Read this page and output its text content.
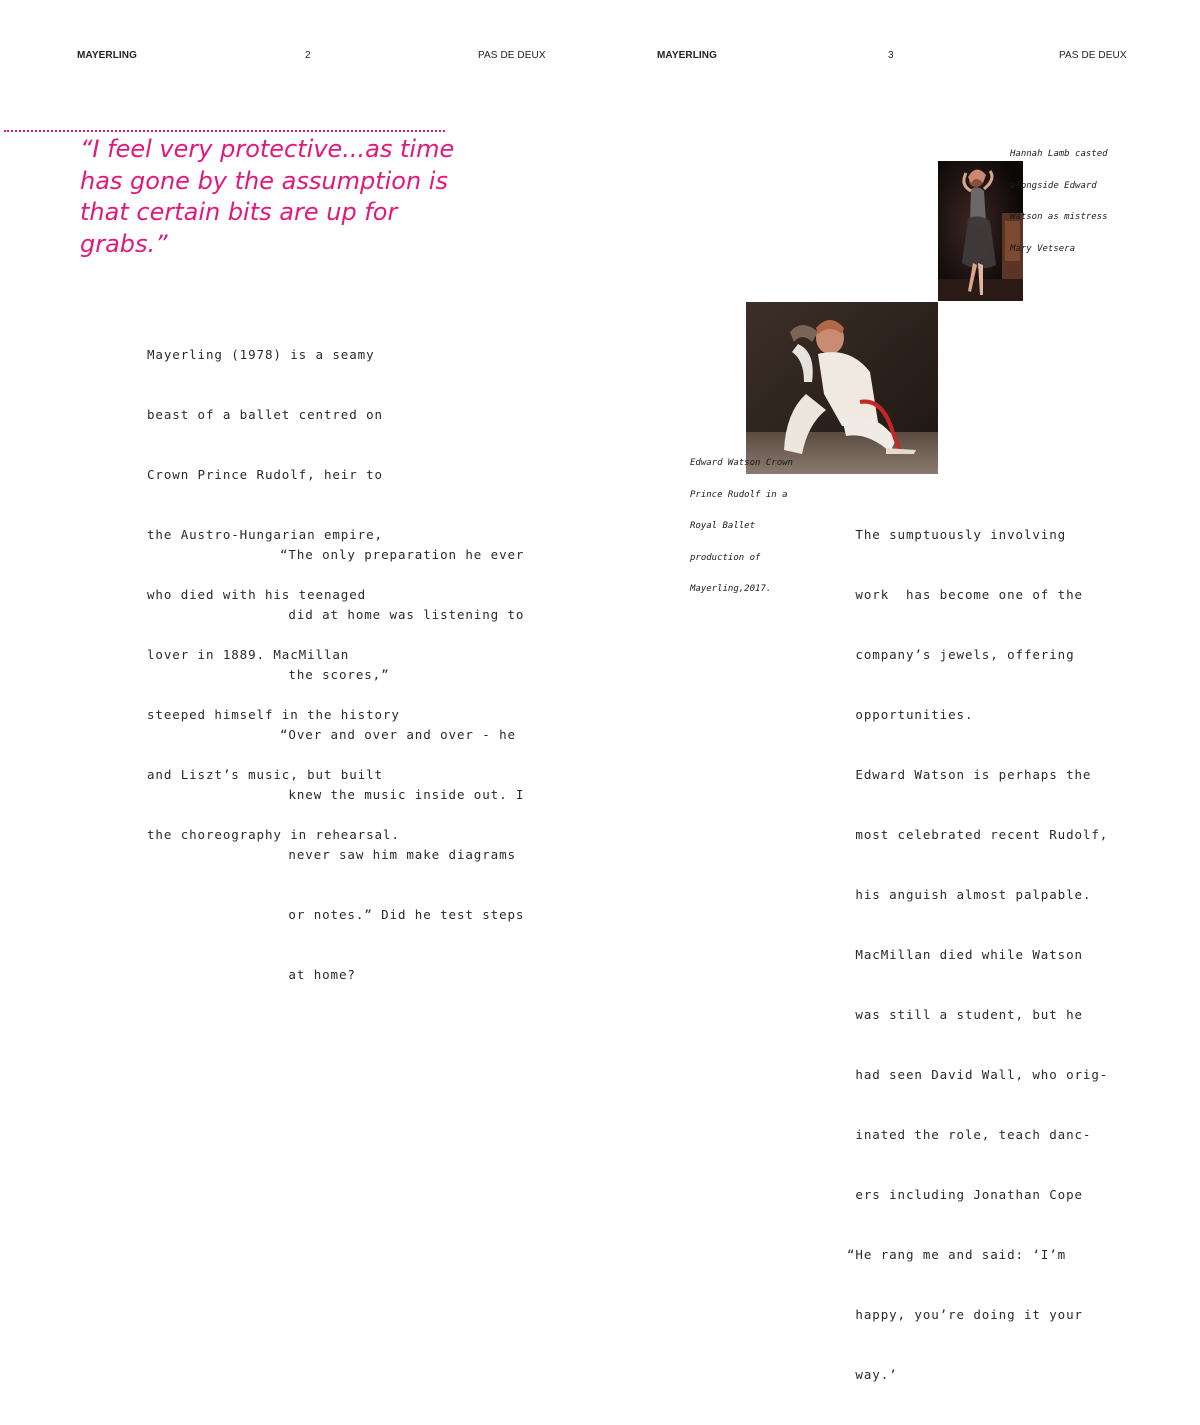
MAYERLING	2	PAS DE DEUX

“I feel very protective...as time
has gone by the assumption is
that certain bits are up for
grabs.”

Mayerling (1978) is a seamy

beast of a ballet centred on

Crown Prince Rudolf, heir to

the Austro-Hungarian empire,

who died with his teenaged

lover in 1889. MacMillan

steeped himself in the history

and Liszt’s music, but built

the choreography in rehearsal.

“The only preparation he ever

did at home was listening to

the scores,”

“Over and over and over - he

knew the music inside out. I

never saw him make diagrams

or notes.” Did he test steps

at home?

MAYERLING	3	PAS DE DEUX

Hannah Lamb casted

alongside Edward

Watson as mistress

Mary Vetsera

Edward Watson Crown

Prince Rudolf in a

Royal Ballet

production of

Mayerling,2017.

The sumptuously involving

work  has become one of the

company’s jewels, offering

opportunities.

Edward Watson is perhaps the

most celebrated recent Rudolf,

his anguish almost palpable.

MacMillan died while Watson

was still a student, but he

had seen David Wall, who orig-

inated the role, teach danc-

ers including Jonathan Cope

“He rang me and said: ‘I’m

happy, you’re doing it your

way.’
